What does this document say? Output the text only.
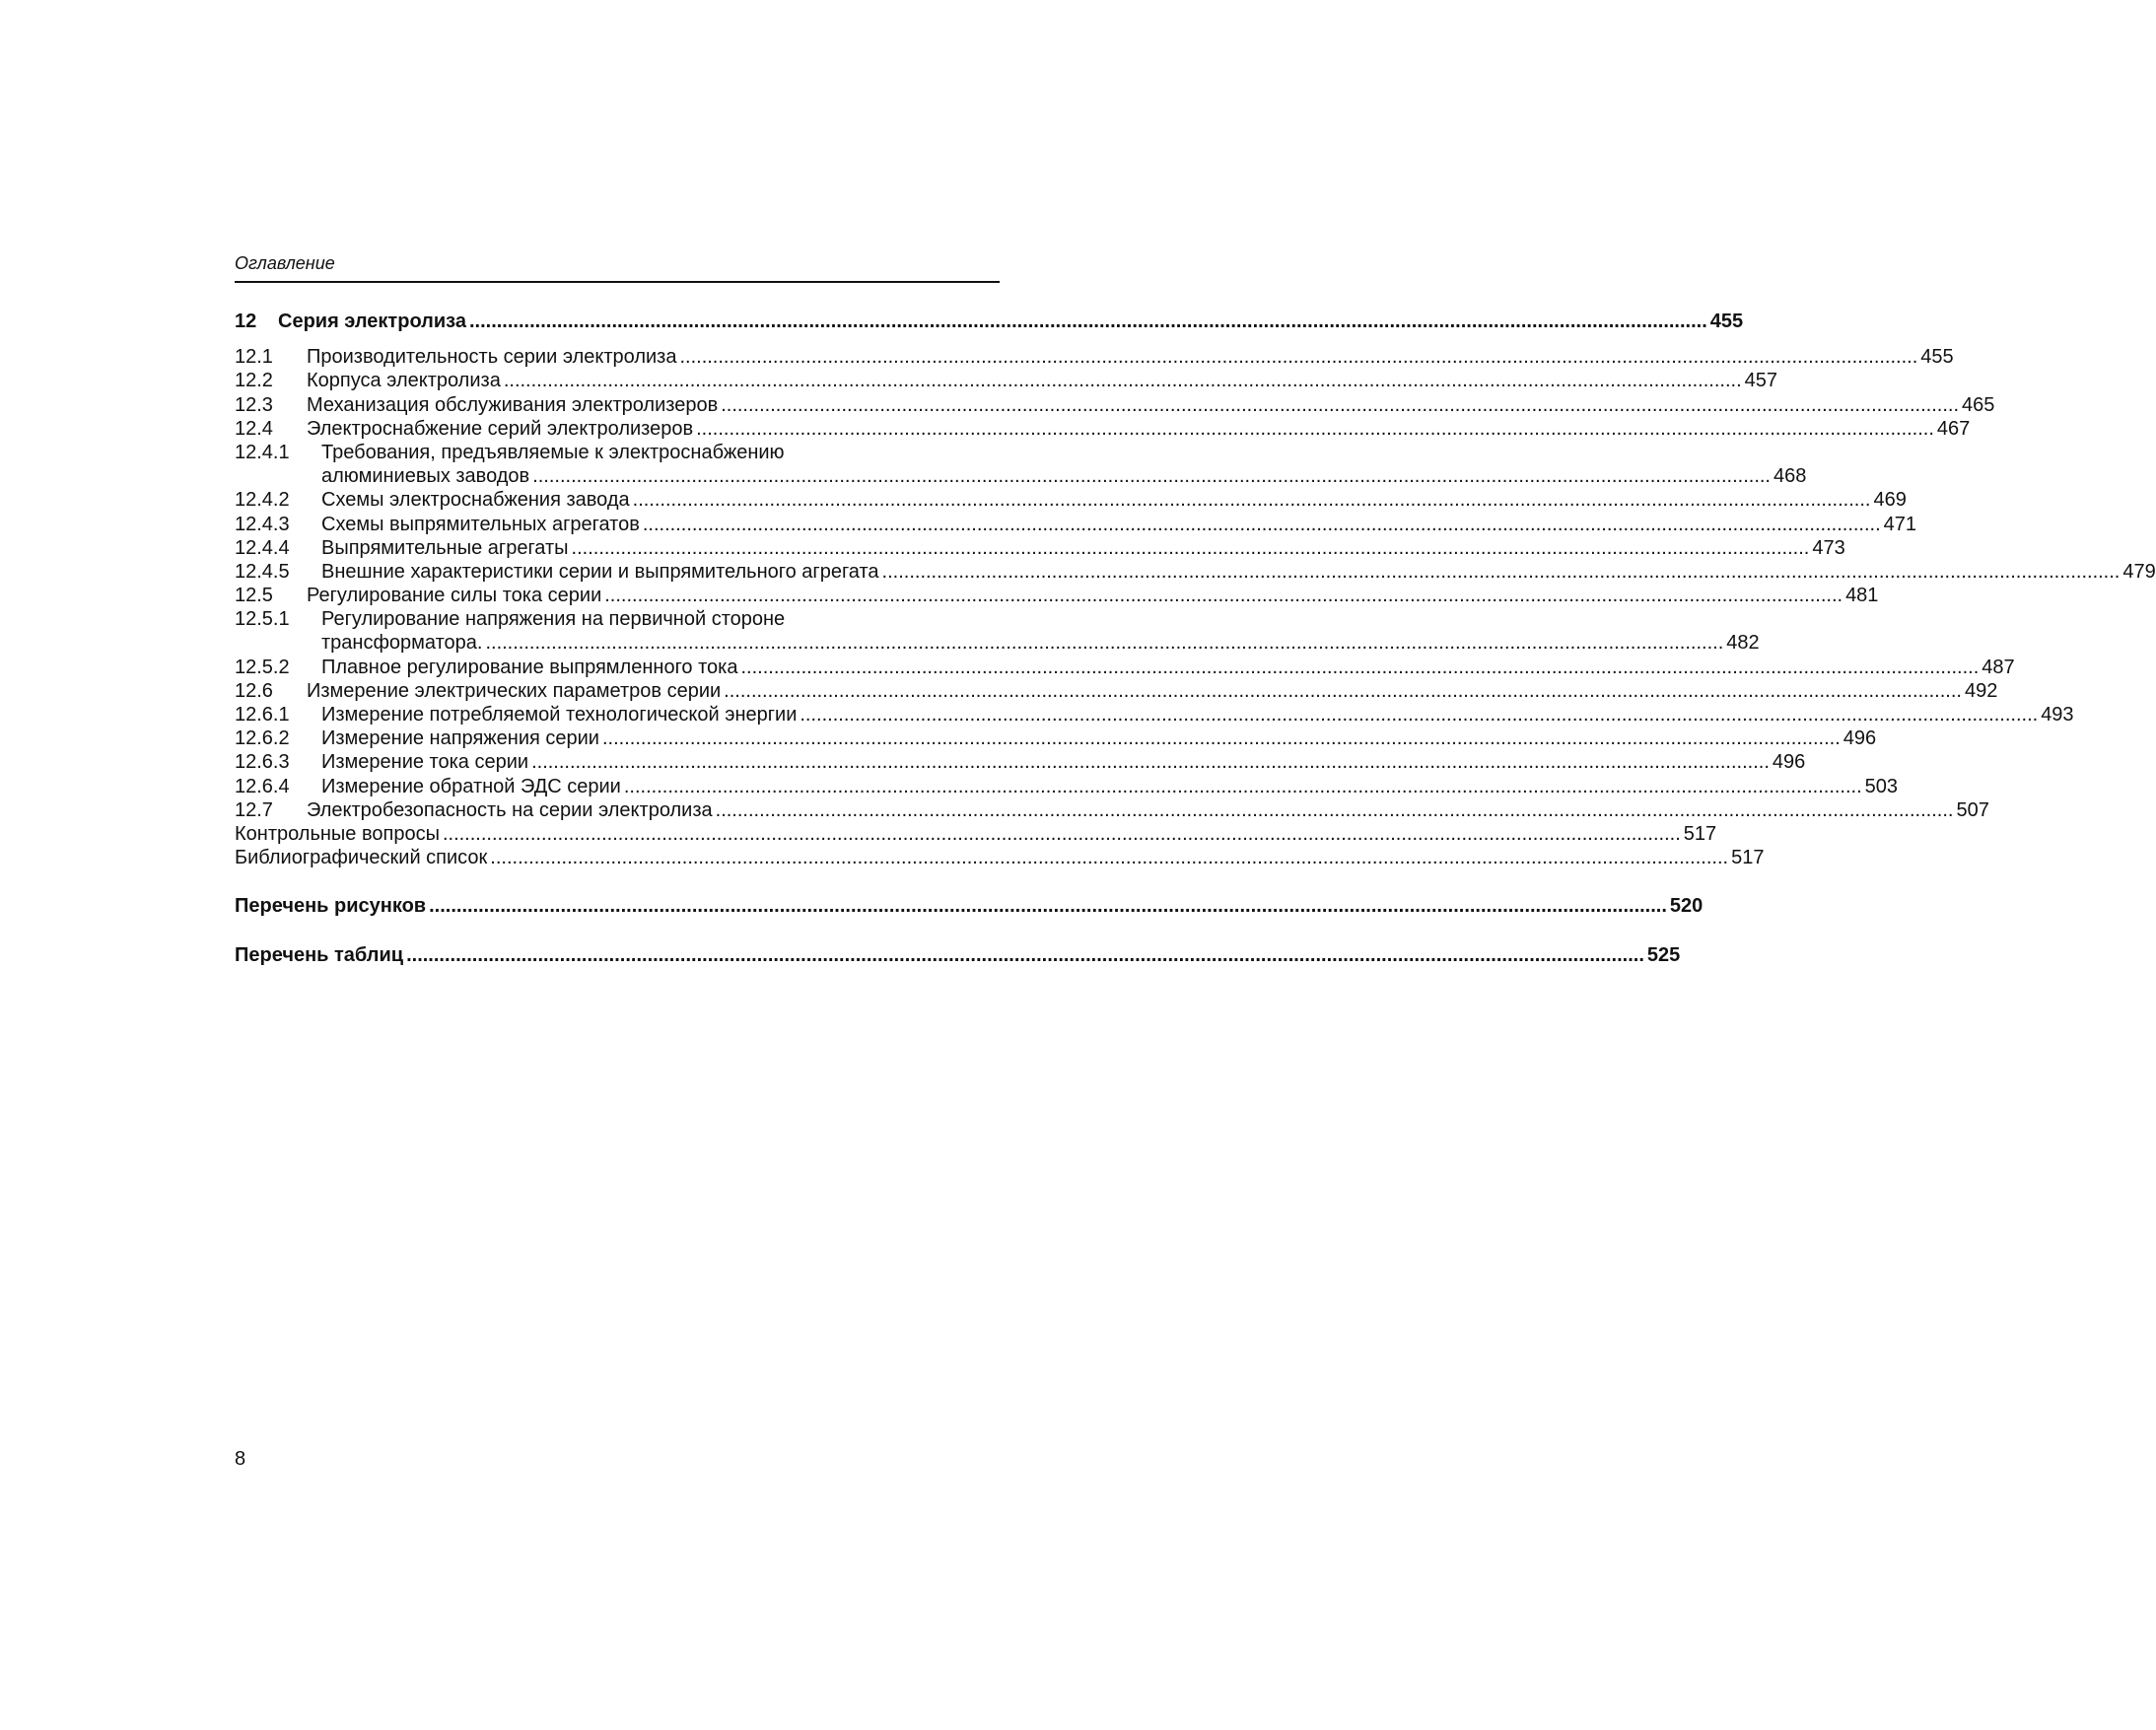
Оглавление
12	Серия электролиза .....	455
12.1	Производительность серии электролиза .....	455
12.2	Корпуса электролиза .....	457
12.3	Механизация обслуживания электролизеров .....	465
12.4	Электроснабжение серий электролизеров .....	467
12.4.1	Требования, предъявляемые к электроснабжению
алюминиевых заводов .....	468
12.4.2	Схемы электроснабжения завода .....	469
12.4.3	Схемы выпрямительных агрегатов .....	471
12.4.4	Выпрямительные агрегаты .....	473
12.4.5	Внешние характеристики серии и выпрямительного агрегата .....	479
12.5	Регулирование силы тока серии .....	481
12.5.1	Регулирование напряжения на первичной стороне
трансформатора. .....	482
12.5.2	Плавное регулирование выпрямленного тока .....	487
12.6	Измерение электрических параметров серии .....	492
12.6.1	Измерение потребляемой технологической энергии .....	493
12.6.2	Измерение напряжения серии .....	496
12.6.3	Измерение тока серии .....	496
12.6.4	Измерение обратной ЭДС серии .....	503
12.7	Электробезопасность на серии электролиза .....	507
Контрольные вопросы .....	517
Библиографический список .....	517
Перечень рисунков .....	520
Перечень таблиц .....	525
8
